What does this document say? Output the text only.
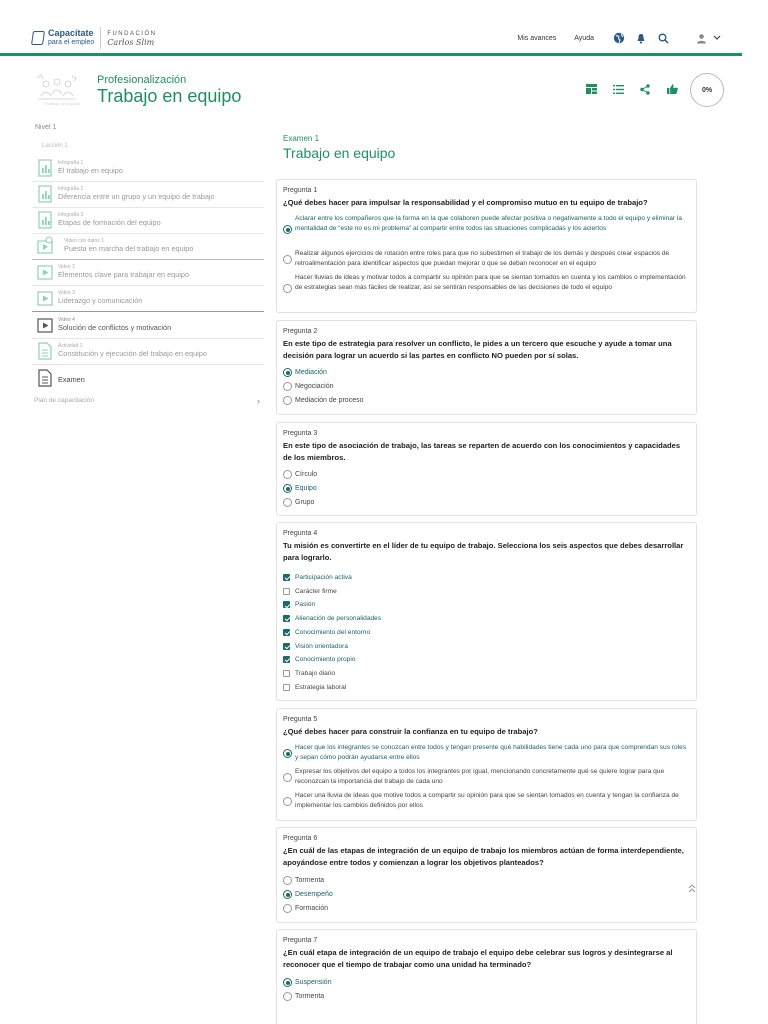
Capacítate
para el empleo
FUNDACIÓN
Carlos Slim	Mis avances	Ayuda
Trabajo en equipo
Profesionalización
Trabajo en equipo	0%
Nivel 1
Lección 1
Infografía 1
El trabajo en equipo
Infografía 2
Diferencia entre un grupo y un equipo de trabajo
Infografía 3
Etapas de formación del equipo
Video con datos 1
Puesta en marcha del trabajo en equipo
Video 2
Elementos clave para trabajar en equipo
Video 3
Liderazgo y comunicación
Video 4
Solución de conflictos y motivación
Actividad 1
Constitución y ejecución del trabajo en equipo
Examen
Plan de capacitación	›
Examen 1
Trabajo en equipo
Pregunta 1
¿Qué debes hacer para impulsar la responsabilidad y el compromiso mutuo en tu equipo de trabajo?
Aclarar entre los compañeros que la forma en la que colaboren puede afectar positiva o negativamente a todo el equipo y eliminar la mentalidad de “este no es mi problema” al compartir entre todos las situaciones complicadas y los aciertos
Realizar algunos ejercicios de rotación entre roles para que no subestimen el trabajo de los demás y después crear espacios de retroalimentación para identificar aspectos que puedan mejorar o que se deban reconocer en el equipo
Hacer lluvias de ideas y motivar todos a compartir su opinión para que se sientan tomados en cuenta y los cambios o implementación de estrategias sean más fáciles de realizar, así se sentirán responsables de las decisiones de todo el equipo
Pregunta 2
En este tipo de estrategia para resolver un conflicto, le pides a un tercero que escuche y ayude a tomar una decisión para lograr un acuerdo si las partes en conflicto NO pueden por sí solas.
Mediación
Negociación
Mediación de proceso
Pregunta 3
En este tipo de asociación de trabajo, las tareas se reparten de acuerdo con los conocimientos y capacidades de los miembros.
Círculo
Equipo
Grupo
Pregunta 4
Tu misión es convertirte en el líder de tu equipo de trabajo. Selecciona los seis aspectos que debes desarrollar para lograrlo.
Participación activa
Carácter firme
Pasión
Alienación de personalidades
Conocimiento del entorno
Visión orientadora
Conocimiento propio
Trabajo diario
Estrategia laboral
Pregunta 5
¿Qué debes hacer para construir la confianza en tu equipo de trabajo?
Hacer que los integrantes se conozcan entre todos y tengan presente qué habilidades tiene cada uno para que comprendan sus roles y sepan cómo podrán ayudarse entre ellos
Expresar los objetivos del equipo a todos los integrantes por igual, mencionando concretamente qué se quiere lograr para que reconozcan la importancia del trabajo de cada uno
Hacer una lluvia de ideas que motive todos a compartir su opinión para que se sientan tomados en cuenta y tengan la confianza de implementar los cambios definidos por ellos
Pregunta 6
¿En cuál de las etapas de integración de un equipo de trabajo los miembros actúan de forma interdependiente, apoyándose entre todos y comienzan a lograr los objetivos planteados?
Tormenta
Desempeño
Formación
Pregunta 7
¿En cuál etapa de integración de un equipo de trabajo el equipo debe celebrar sus logros y desintegrarse al reconocer que el tiempo de trabajar como una unidad ha terminado?
Suspensión
Tormenta
